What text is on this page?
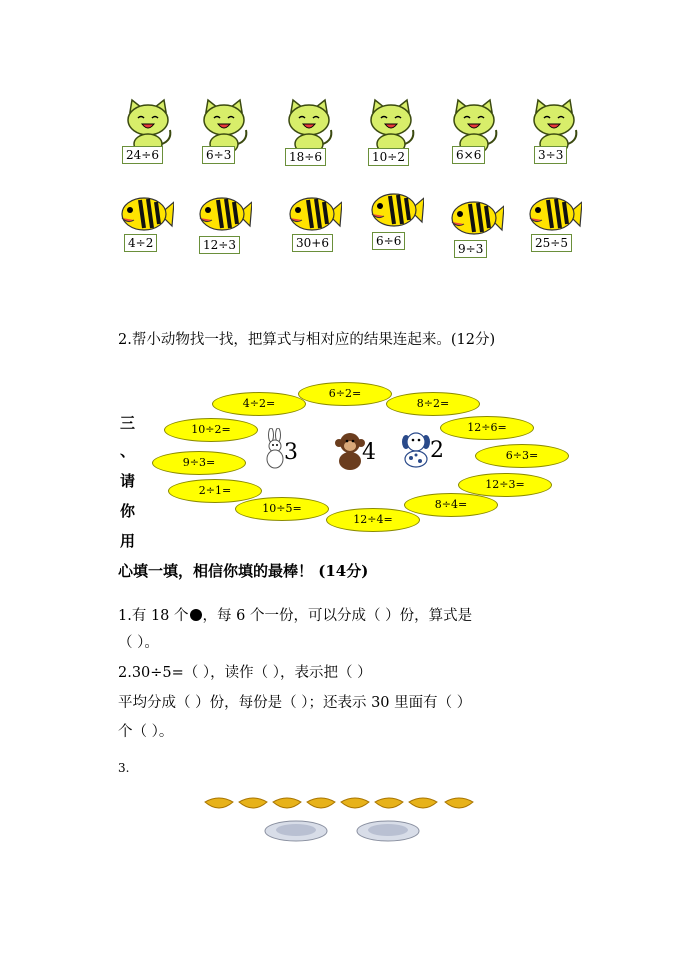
24÷6	6÷3	18÷6	10÷2	6×6	3÷3
4÷2	12÷3	30+6	6÷6
9÷3	25÷5
2.帮小动物找一找，把算式与相对应的结果连起来。(12分)
4÷2=
6÷2=
8÷2=
10÷2=	12÷6=
9÷3=
6÷3=
2÷1=	12÷3=
10÷5=	8÷4=
12÷4=
3	4 2
三
、
请
你
用
心填一填，相信你填的最棒！ (14分)
1.有 18 个 ，每 6 个一份，可以分成（ ）份，算式是
（ ）。
2.30÷5=（ ），读作（ ），表示把（ ）
平均分成（ ）份，每份是（ ）；还表示 30 里面有（ ）
个（ ）。
3.
